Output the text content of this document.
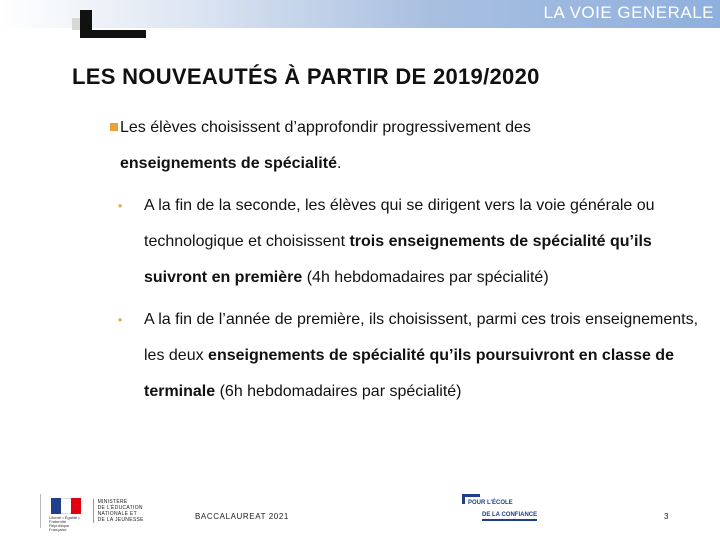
LA VOIE GENERALE
LES NOUVEAUTÉS À PARTIR DE 2019/2020
Les élèves choisissent d’approfondir progressivement des
enseignements de spécialité.
• A la fin de la seconde, les élèves qui se dirigent vers la voie générale ou technologique et choisissent trois enseignements de spécialité qu’ils suivront en première (4h hebdomadaires par spécialité)
• A la fin de l’année de première, ils choisissent, parmi ces trois enseignements, les deux enseignements de spécialité qu’ils poursuivront en classe de terminale (6h hebdomadaires par spécialité)
Liberté • Égalité • Fraternité République Française
MINISTÈRE
DE L’ÉDUCATION
NATIONALE ET
DE LA JEUNESSE	BACCALAUREAT 2021
POUR L’ÉCOLE
DE LA CONFIANCE	3
